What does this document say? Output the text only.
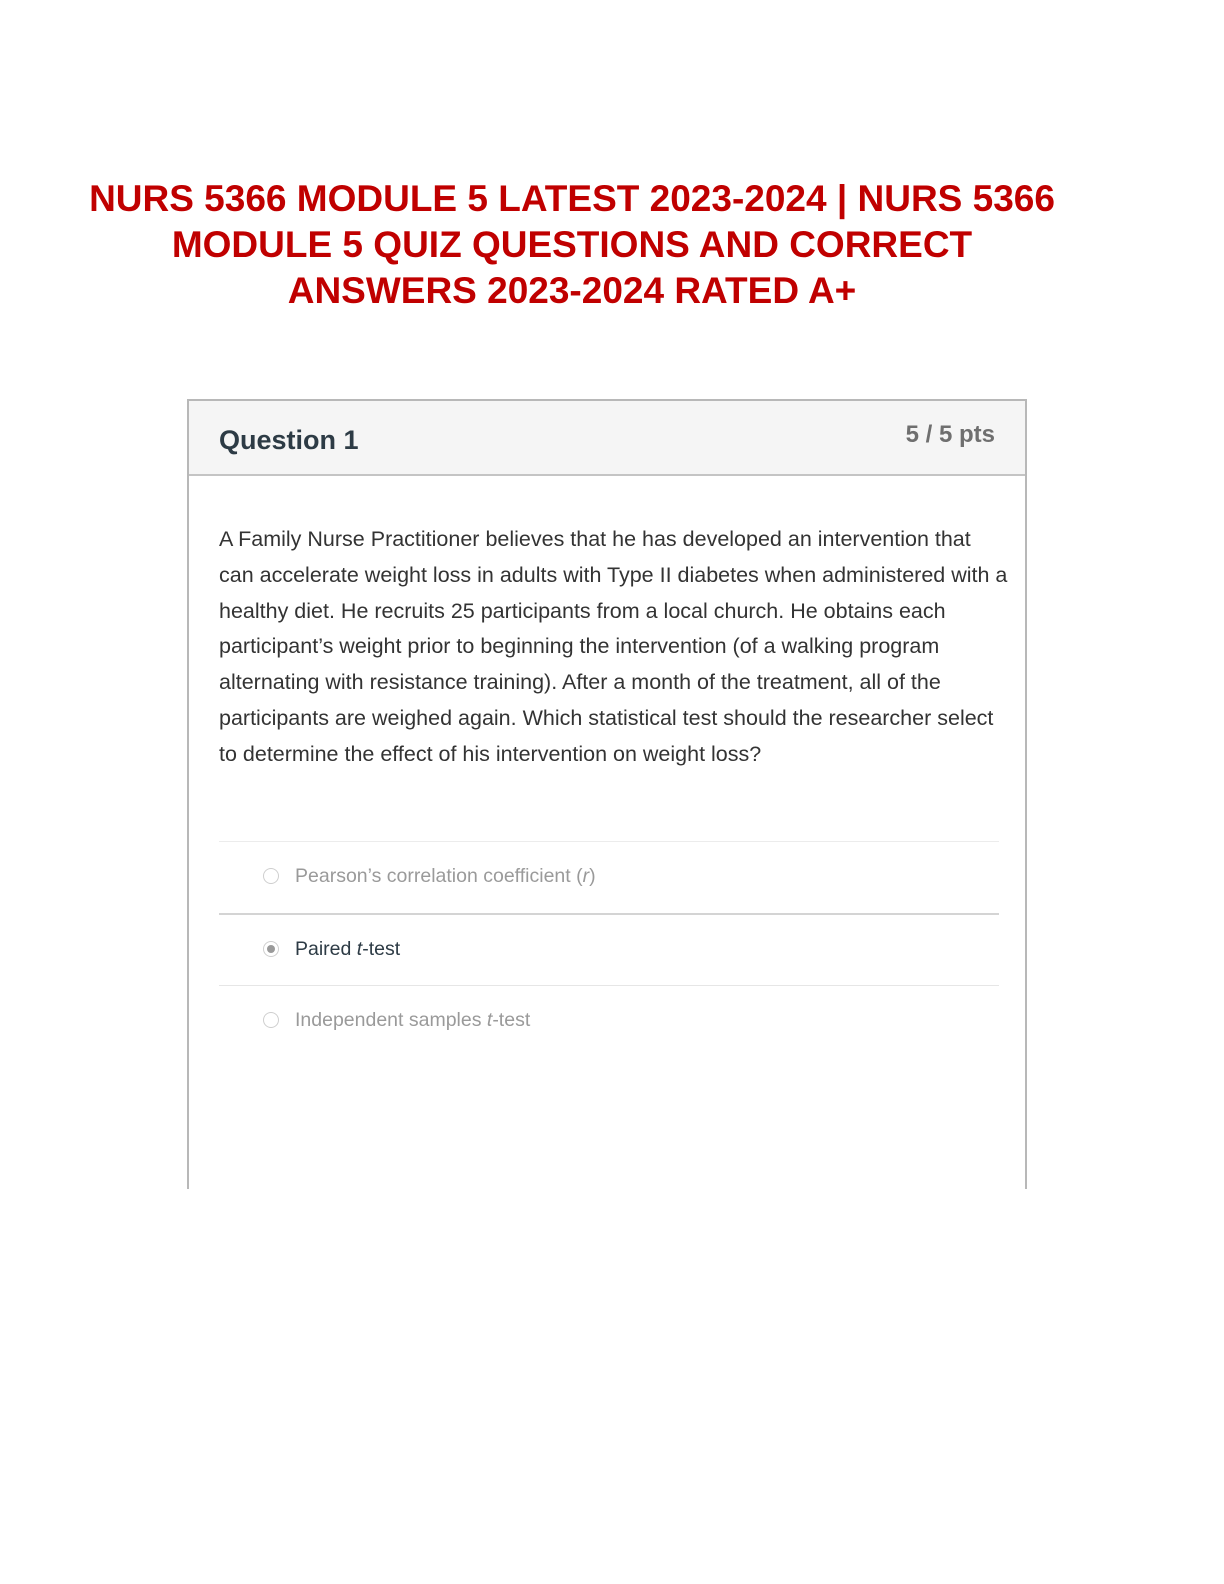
NURS 5366 MODULE 5 LATEST 2023-2024 | NURS 5366
MODULE 5 QUIZ QUESTIONS AND CORRECT
ANSWERS 2023-2024 RATED A+
Question 1	5 / 5 pts

A Family Nurse Practitioner believes that he has developed an intervention that can accelerate weight loss in adults with Type II diabetes when administered with a healthy diet. He recruits 25 participants from a local church. He obtains each participant’s weight prior to beginning the intervention (of a walking program alternating with resistance training). After a month of the treatment, all of the participants are weighed again. Which statistical test should the researcher select to determine the effect of his intervention on weight loss?

Pearson’s correlation coefficient (r)
Paired t-test
Independent samples t-test
